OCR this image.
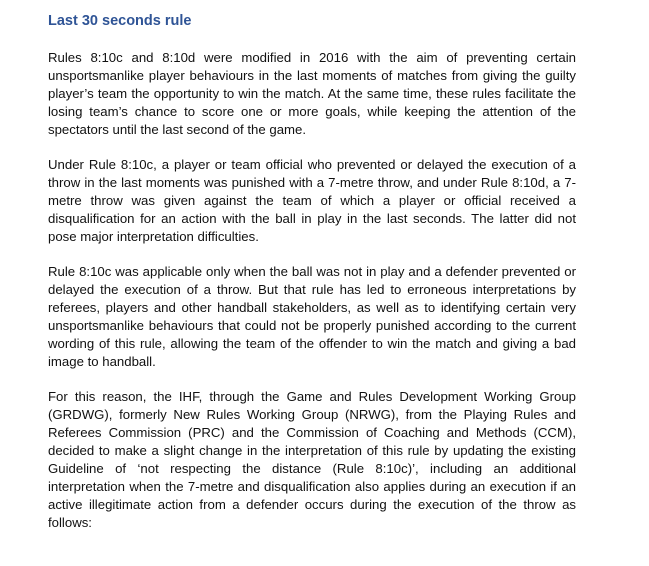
Last 30 seconds rule

Rules 8:10c and 8:10d were modified in 2016 with the aim of preventing certain unsportsmanlike player behaviours in the last moments of matches from giving the guilty player’s team the opportunity to win the match. At the same time, these rules facilitate the losing team’s chance to score one or more goals, while keeping the attention of the spectators until the last second of the game.

Under Rule 8:10c, a player or team official who prevented or delayed the execution of a throw in the last moments was punished with a 7-metre throw, and under Rule 8:10d, a 7-metre throw was given against the team of which a player or official received a disqualification for an action with the ball in play in the last seconds. The latter did not pose major interpretation difficulties.

Rule 8:10c was applicable only when the ball was not in play and a defender prevented or delayed the execution of a throw. But that rule has led to erroneous interpretations by referees, players and other handball stakeholders, as well as to identifying certain very unsportsmanlike behaviours that could not be properly punished according to the current wording of this rule, allowing the team of the offender to win the match and giving a bad image to handball.

For this reason, the IHF, through the Game and Rules Development Working Group (GRDWG), formerly New Rules Working Group (NRWG), from the Playing Rules and Referees Commission (PRC) and the Commission of Coaching and Methods (CCM), decided to make a slight change in the interpretation of this rule by updating the existing Guideline of ‘not respecting the distance (Rule 8:10c)’, including an additional interpretation when the 7-metre and disqualification also applies during an execution if an active illegitimate action from a defender occurs during the execution of the throw as follows:
